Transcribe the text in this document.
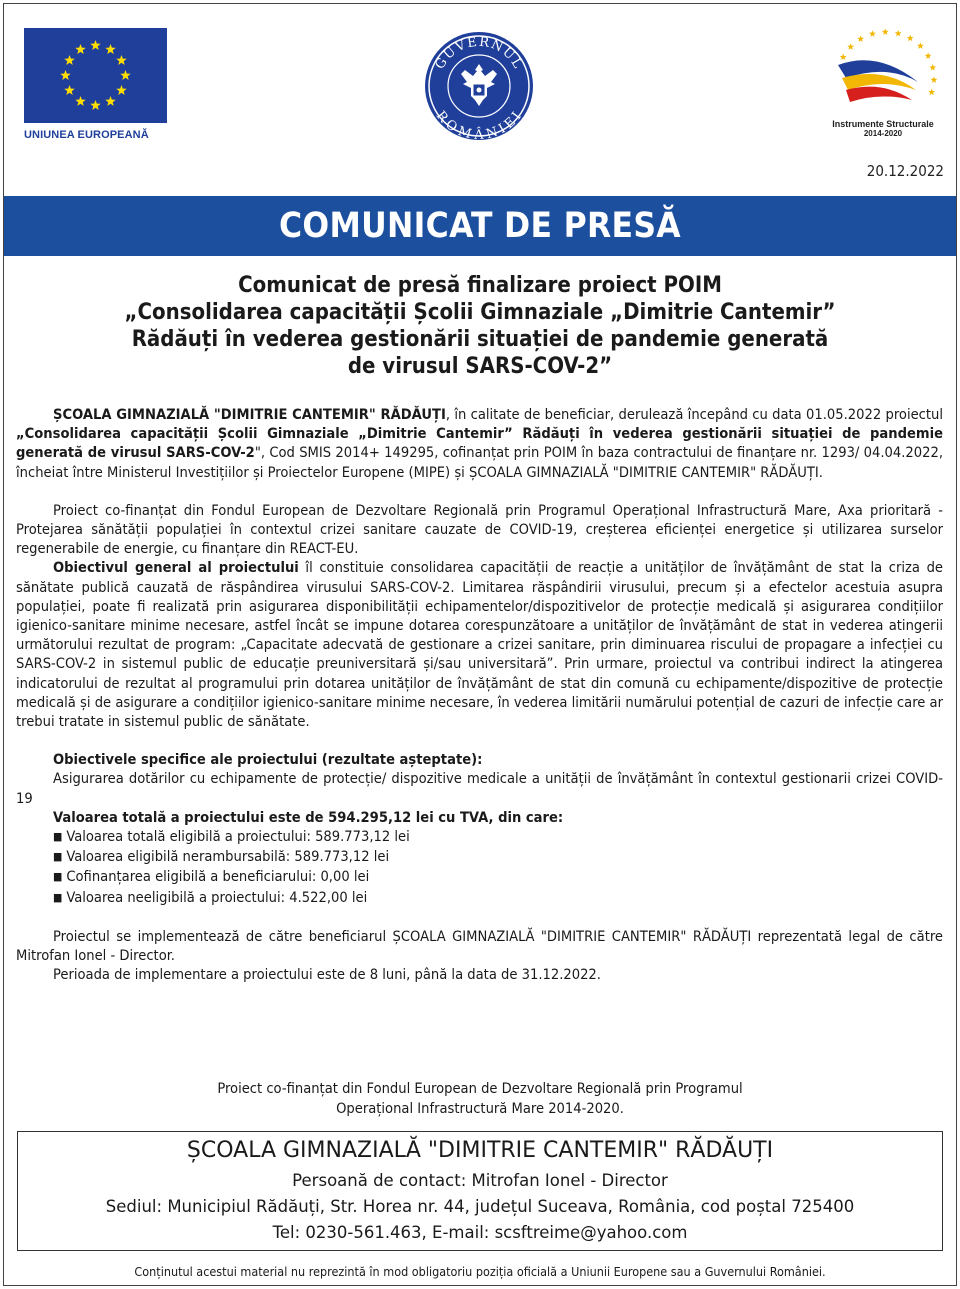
UNIUNEA EUROPEANĂ
GUVERNUL
ROMÂNIEI
Instrumente Structurale
2014-2020
20.12.2022
COMUNICAT DE PRESĂ
Comunicat de presă finalizare proiect POIM
„Consolidarea capacității Școlii Gimnaziale „Dimitrie Cantemir”
Rădăuți în vederea gestionării situației de pandemie generată
de virusul SARS-COV-2”

ȘCOALA GIMNAZIALĂ "DIMITRIE CANTEMIR" RĂDĂUȚI, în calitate de beneficiar, derulează începând cu data 01.05.2022 proiectul „Consolidarea capacității Școlii Gimnaziale „Dimitrie Cantemir” Rădăuți în vederea gestionării situației de pandemie generată de virusul SARS-COV-2", Cod SMIS 2014+ 149295, cofinanțat prin POIM în baza contractului de finanțare nr. 1293/ 04.04.2022, încheiat între Ministerul Investițiilor și Proiectelor Europene (MIPE) și ȘCOALA GIMNAZIALĂ "DIMITRIE CANTEMIR" RĂDĂUȚI.

Proiect co-finanțat din Fondul European de Dezvoltare Regională prin Programul Operațional Infrastructură Mare, Axa prioritară - Protejarea sănătății populației în contextul crizei sanitare cauzate de COVID-19, creșterea eficienței energetice și utilizarea surselor regenerabile de energie, cu finanțare din REACT-EU.

Obiectivul general al proiectului îl constituie consolidarea capacității de reacție a unităților de învățământ de stat la criza de sănătate publică cauzată de răspândirea virusului SARS-COV-2. Limitarea răspândirii virusului, precum și a efectelor acestuia asupra populației, poate fi realizată prin asigurarea disponibilității echipamentelor/dispozitivelor de protecție medicală și asigurarea condițiilor igienico-sanitare minime necesare, astfel încât se impune dotarea corespunzătoare a unităților de învățământ de stat in vederea atingerii următorului rezultat de program: „Capacitate adecvată de gestionare a crizei sanitare, prin diminuarea riscului de propagare a infecției cu SARS-COV-2 in sistemul public de educație preuniversitară și/sau universitară”. Prin urmare, proiectul va contribui indirect la atingerea indicatorului de rezultat al programului prin dotarea unităților de învățământ de stat din comună cu echipamente/dispozitive de protecție medicală și de asigurare a condițiilor igienico-sanitare minime necesare, în vederea limitării numărului potențial de cazuri de infecție care ar trebui tratate in sistemul public de sănătate.

Obiectivele specifice ale proiectului (rezultate așteptate):

Asigurarea dotărilor cu echipamente de protecție/ dispozitive medicale a unității de învățământ în contextul gestionarii crizei COVID-19

Valoarea totală a proiectului este de 594.295,12 lei cu TVA, din care:

■ Valoarea totală eligibilă a proiectului: 589.773,12 lei
■ Valoarea eligibilă nerambursabilă: 589.773,12 lei
■ Cofinanțarea eligibilă a beneficiarului: 0,00 lei
■ Valoarea neeligibilă a proiectului: 4.522,00 lei

Proiectul se implementează de către beneficiarul ȘCOALA GIMNAZIALĂ "DIMITRIE CANTEMIR" RĂDĂUȚI reprezentată legal de către Mitrofan Ionel - Director.

Perioada de implementare a proiectului este de 8 luni, până la data de 31.12.2022.

Proiect co-finanțat din Fondul European de Dezvoltare Regională prin Programul
Operațional Infrastructură Mare 2014-2020.
ȘCOALA GIMNAZIALĂ "DIMITRIE CANTEMIR" RĂDĂUȚI
Persoană de contact: Mitrofan Ionel - Director
Sediul: Municipiul Rădăuți, Str. Horea nr. 44, județul Suceava, România, cod poștal 725400
Tel: 0230-561.463, E-mail: scsftreime@yahoo.com
Conținutul acestui material nu reprezintă în mod obligatoriu poziția oficială a Uniunii Europene sau a Guvernului României.
